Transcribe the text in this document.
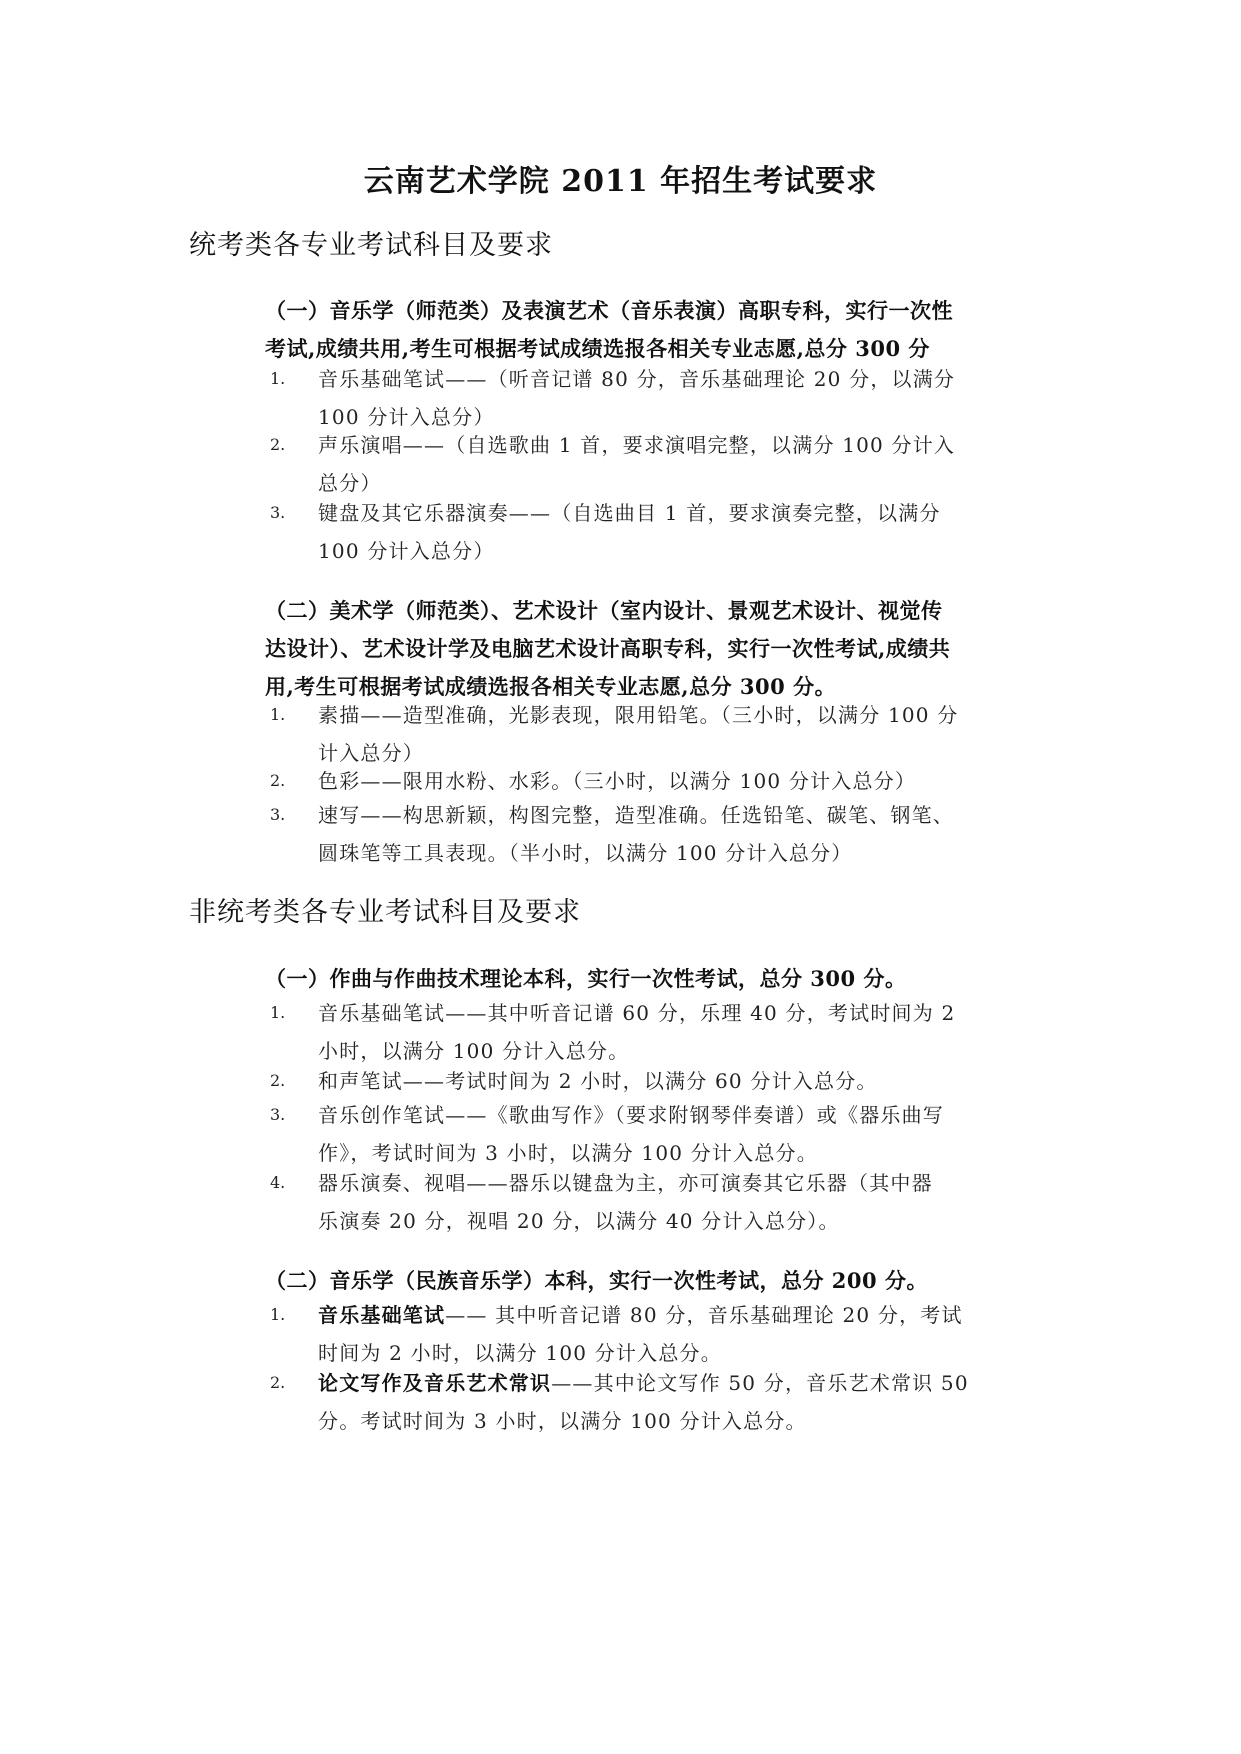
云南艺术学院 2011 年招生考试要求
统考类各专业考试科目及要求
（一）音乐学（师范类）及表演艺术（音乐表演）高职专科，实行一次性
考试,成绩共用,考生可根据考试成绩选报各相关专业志愿,总分 300 分
1.	音乐基础笔试——（听音记谱 80 分，音乐基础理论 20 分，以满分
100 分计入总分）
2.	声乐演唱——（自选歌曲 1 首，要求演唱完整，以满分 100 分计入
总分）
3.	键盘及其它乐器演奏——（自选曲目 1 首，要求演奏完整，以满分
100 分计入总分）
（二）美术学（师范类）、艺术设计（室内设计、景观艺术设计、视觉传
达设计）、艺术设计学及电脑艺术设计高职专科，实行一次性考试,成绩共
用,考生可根据考试成绩选报各相关专业志愿,总分 300 分。
1.	素描——造型准确，光影表现，限用铅笔。（三小时，以满分 100 分
计入总分）
2.	色彩——限用水粉、水彩。（三小时，以满分 100 分计入总分）
3.	速写——构思新颖，构图完整，造型准确。任选铅笔、碳笔、钢笔、
圆珠笔等工具表现。（半小时，以满分 100 分计入总分）
非统考类各专业考试科目及要求
（一）作曲与作曲技术理论本科，实行一次性考试，总分 300 分。
1.	音乐基础笔试——其中听音记谱 60 分，乐理 40 分，考试时间为 2
小时，以满分 100 分计入总分。
2.	和声笔试——考试时间为 2 小时，以满分 60 分计入总分。
3.	音乐创作笔试——《歌曲写作》（要求附钢琴伴奏谱）或《器乐曲写
作》，考试时间为 3 小时，以满分 100 分计入总分。
4.	器乐演奏、视唱——器乐以键盘为主，亦可演奏其它乐器（其中器
乐演奏 20 分，视唱 20 分，以满分 40 分计入总分）。
（二）音乐学（民族音乐学）本科，实行一次性考试，总分 200 分。
1.	音乐基础笔试—— 其中听音记谱 80 分，音乐基础理论 20 分，考试
时间为 2 小时，以满分 100 分计入总分。
2.	论文写作及音乐艺术常识——其中论文写作 50 分，音乐艺术常识 50
分。考试时间为 3 小时，以满分 100 分计入总分。
